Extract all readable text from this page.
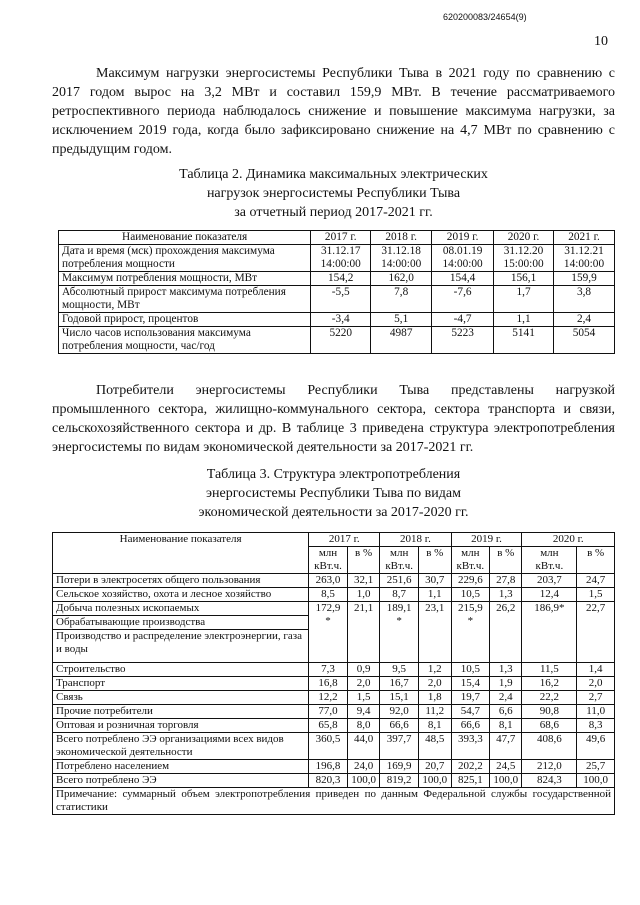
620200083/24654(9)
10

Максимум нагрузки энергосистемы Республики Тыва в 2021 году по сравнению с 2017 годом вырос на 3,2 МВт и составил 159,9 МВт. В течение рассматриваемого ретроспективного периода наблюдалось снижение и повышение максимума нагрузки, за исключением 2019 года, когда было зафиксировано снижение на 4,7 МВт по сравнению с предыдущим годом.

Таблица 2. Динамика максимальных электрических
нагрузок энергосистемы Республики Тыва
за отчетный период 2017-2021 гг.
Наименование показателя	2017 г.	2018 г.	2019 г.	2020 г.	2021 г.
Дата и время (мск) прохождения максимума потребления мощности	31.12.17 14:00:00	31.12.18 14:00:00	08.01.19 14:00:00	31.12.20 15:00:00	31.12.21 14:00:00
Максимум потребления мощности, МВт	154,2	162,0	154,4	156,1	159,9
Абсолютный прирост максимума потребления мощности, МВт	-5,5	7,8	-7,6	1,7	3,8
Годовой прирост, процентов	-3,4	5,1	-4,7	1,1	2,4
Число часов использования максимума потребления мощности, час/год	5220	4987	5223	5141	5054

Потребители энергосистемы Республики Тыва представлены нагрузкой промышленного сектора, жилищно-коммунального сектора, сектора транспорта и связи, сельскохозяйственного сектора и др. В таблице 3 приведена структура электропотребления энергосистемы по видам экономической деятельности за 2017-2021 гг.

Таблица 3. Структура электропотребления
энергосистемы Республики Тыва по видам
экономической деятельности за 2017-2020 гг.
Наименование показателя	2017 г.		2018 г.		2019 г.		2020 г.	
	млн кВт.ч.	в %	млн кВт.ч.	в %	млн кВт.ч.	в %	млн кВт.ч.	в %
Потери в электросетях общего пользования	263,0	32,1	251,6	30,7	229,6	27,8	203,7	24,7
Сельское хозяйство, охота и лесное хозяйство	8,5	1,0	8,7	1,1	10,5	1,3	12,4	1,5
Добыча полезных ископаемых	172,9 *	21,1	189,1 *	23,1	215,9 *	26,2	186,9*	22,7
Обрабатывающие производства								
Производство и распределение электроэнергии, газа и воды								
Строительство	7,3	0,9	9,5	1,2	10,5	1,3	11,5	1,4
Транспорт	16,8	2,0	16,7	2,0	15,4	1,9	16,2	2,0
Связь	12,2	1,5	15,1	1,8	19,7	2,4	22,2	2,7
Прочие потребители	77,0	9,4	92,0	11,2	54,7	6,6	90,8	11,0
Оптовая и розничная торговля	65,8	8,0	66,6	8,1	66,6	8,1	68,6	8,3
Всего потреблено ЭЭ организациями всех видов экономической деятельности	360,5	44,0	397,7	48,5	393,3	47,7	408,6	49,6
Потреблено населением	196,8	24,0	169,9	20,7	202,2	24,5	212,0	25,7
Всего потреблено ЭЭ	820,3	100,0	819,2	100,0	825,1	100,0	824,3	100,0
Примечание: суммарный объем электропотребления приведен по данным Федеральной службы государственной статистики								
